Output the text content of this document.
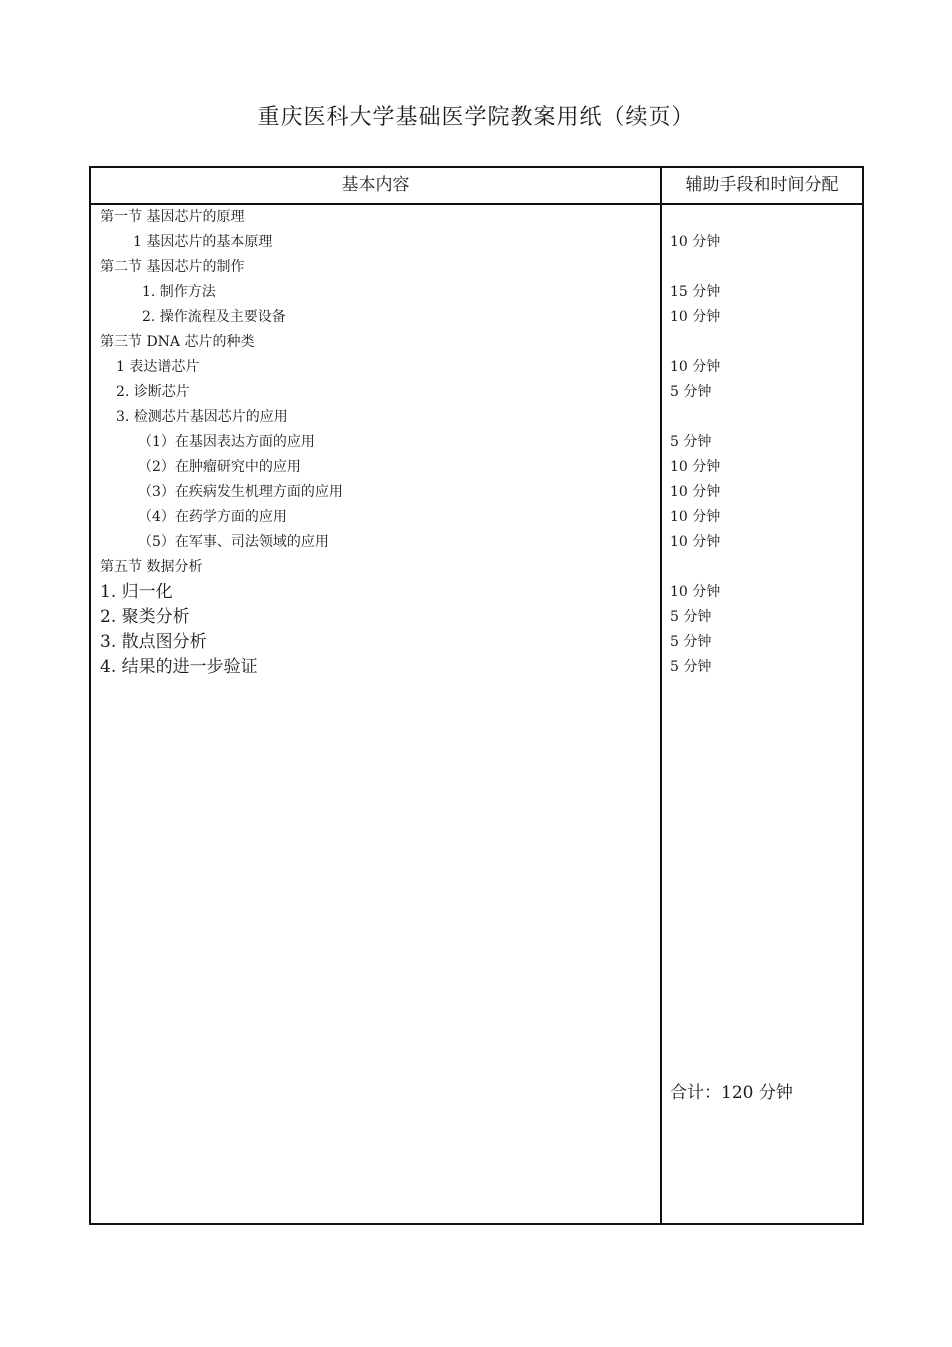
重庆医科大学基础医学院教案用纸（续页）
基本内容	辅助手段和时间分配
第一节 基因芯片的原理
1 基因芯片的基本原理	10 分钟
第二节 基因芯片的制作
1. 制作方法	15 分钟
2. 操作流程及主要设备	10 分钟
第三节 DNA 芯片的种类
1 表达谱芯片	10 分钟
2. 诊断芯片	5 分钟
3. 检测芯片基因芯片的应用
（1）在基因表达方面的应用	5 分钟
（2）在肿瘤研究中的应用	10 分钟
（3）在疾病发生机理方面的应用	10 分钟
（4）在药学方面的应用	10 分钟
（5）在军事、司法领域的应用	10 分钟
第五节 数据分析
1. 归一化	10 分钟
2. 聚类分析	5 分钟
3. 散点图分析	5 分钟
4. 结果的进一步验证	5 分钟
合计：120 分钟
